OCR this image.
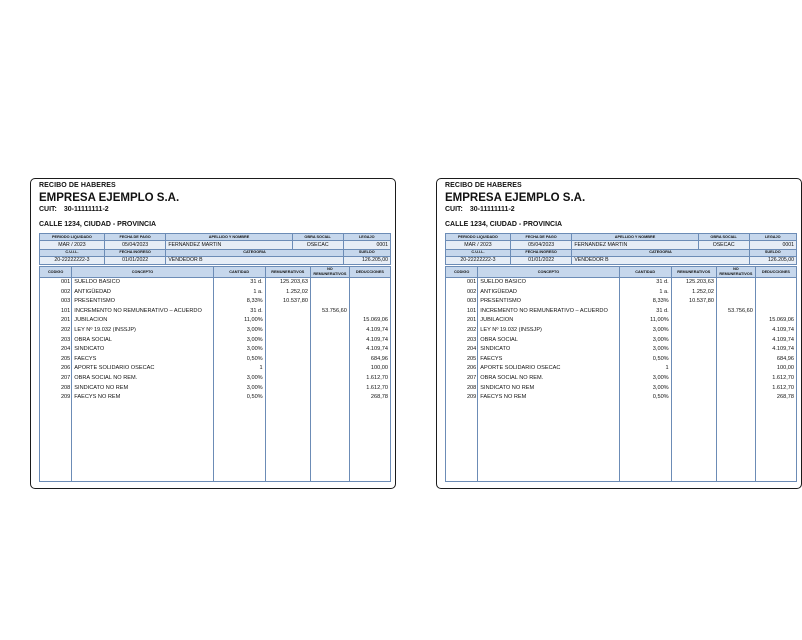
RECIBO DE HABERES
EMPRESA EJEMPLO S.A.
CUIT: 30-11111111-2
CALLE 1234, CIUDAD - PROVINCIA
PERIODO LIQUIDADO	FECHA DE PAGO	APELLIDO Y NOMBRE	OBRA SOCIAL	LEGAJO
MAR / 2023	05/04/2023	FERNANDEZ MARTIN	OSECAC	0001
C.U.I.L.	FECHA INGRESO	CATEGORIA		SUELDO
20-22222222-3	01/01/2022	VENDEDOR B		126.205,00
CODIGO	CONCEPTO	CANTIDAD	REMUNERATIVOS	NO REMUNERATIVOS	DEDUCCIONES
001	SUELDO BASICO	31 d.	125.203,63		
002	ANTIGÜEDAD	1 a.	1.252,02		
003	PRESENTISMO	8,33%	10.537,80		
101	INCREMENTO NO REMUNERATIVO – ACUERDO	31 d.		53.756,60	
201	JUBILACION	11,00%			15.069,06
202	LEY Nº 19.032 (INSSJP)	3,00%			4.109,74
203	OBRA SOCIAL	3,00%			4.109,74
204	SINDICATO	3,00%			4.109,74
205	FAECYS	0,50%			684,96
206	APORTE SOLIDARIO OSECAC	1			100,00
207	OBRA SOCIAL NO REM.	3,00%			1.612,70
208	SINDICATO NO REM	3,00%			1.612,70
209	FAECYS NO REM	0,50%			268,78

RECIBO DE HABERES
EMPRESA EJEMPLO S.A.
CUIT: 30-11111111-2
CALLE 1234, CIUDAD - PROVINCIA
PERIODO LIQUIDADO	FECHA DE PAGO	APELLIDO Y NOMBRE	OBRA SOCIAL	LEGAJO
MAR / 2023	05/04/2023	FERNANDEZ MARTIN	OSECAC	0001
C.U.I.L.	FECHA INGRESO	CATEGORIA		SUELDO
20-22222222-3	01/01/2022	VENDEDOR B		126.205,00
CODIGO	CONCEPTO	CANTIDAD	REMUNERATIVOS	NO REMUNERATIVOS	DEDUCCIONES
001	SUELDO BASICO	31 d.	125.203,63		
002	ANTIGÜEDAD	1 a.	1.252,02		
003	PRESENTISMO	8,33%	10.537,80		
101	INCREMENTO NO REMUNERATIVO – ACUERDO	31 d.		53.756,60	
201	JUBILACION	11,00%			15.069,06
202	LEY Nº 19.032 (INSSJP)	3,00%			4.109,74
203	OBRA SOCIAL	3,00%			4.109,74
204	SINDICATO	3,00%			4.109,74
205	FAECYS	0,50%			684,96
206	APORTE SOLIDARIO OSECAC	1			100,00
207	OBRA SOCIAL NO REM.	3,00%			1.612,70
208	SINDICATO NO REM	3,00%			1.612,70
209	FAECYS NO REM	0,50%			268,78
